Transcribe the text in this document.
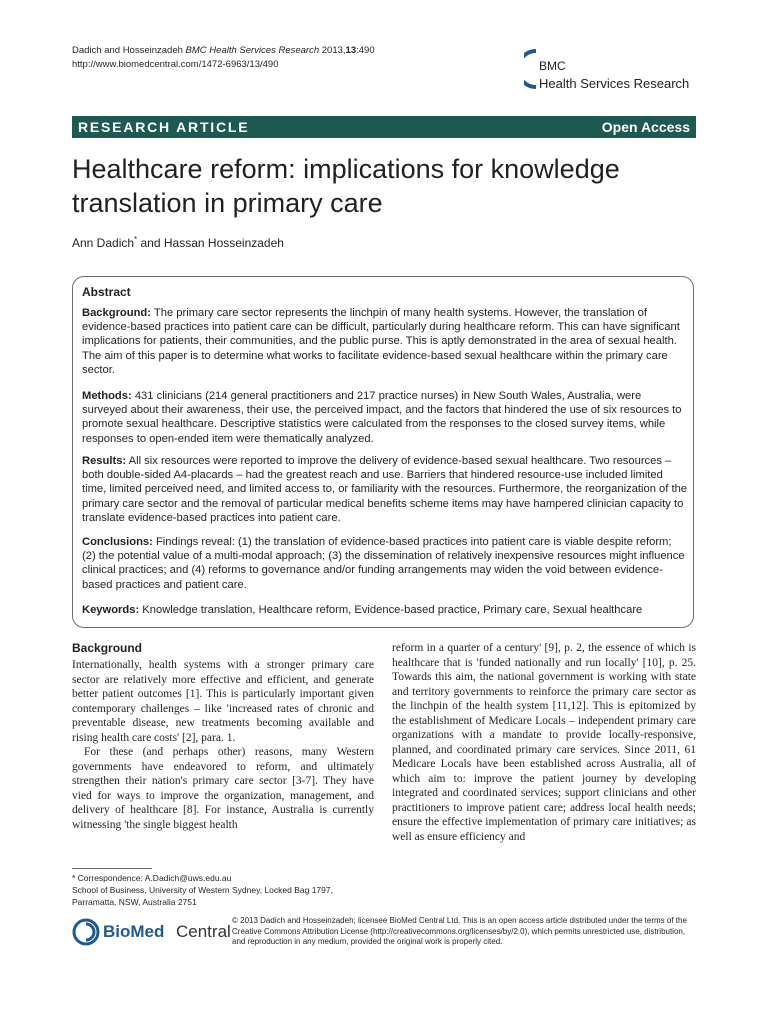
Dadich and Hosseinzadeh BMC Health Services Research 2013,13:490
http://www.biomedcentral.com/1472-6963/13/490	BMC
Health Services Research
RESEARCH ARTICLE	Open Access
Healthcare reform: implications for knowledge translation in primary care
Ann Dadich* and Hassan Hosseinzadeh
Abstract
Background: The primary care sector represents the linchpin of many health systems. However, the translation of evidence-based practices into patient care can be difficult, particularly during healthcare reform. This can have significant implications for patients, their communities, and the public purse. This is aptly demonstrated in the area of sexual health. The aim of this paper is to determine what works to facilitate evidence-based sexual healthcare within the primary care sector.
Methods: 431 clinicians (214 general practitioners and 217 practice nurses) in New South Wales, Australia, were surveyed about their awareness, their use, the perceived impact, and the factors that hindered the use of six resources to promote sexual healthcare. Descriptive statistics were calculated from the responses to the closed survey items, while responses to open-ended item were thematically analyzed.
Results: All six resources were reported to improve the delivery of evidence-based sexual healthcare. Two resources – both double-sided A4-placards – had the greatest reach and use. Barriers that hindered resource-use included limited time, limited perceived need, and limited access to, or familiarity with the resources. Furthermore, the reorganization of the primary care sector and the removal of particular medical benefits scheme items may have hampered clinician capacity to translate evidence-based practices into patient care.
Conclusions: Findings reveal: (1) the translation of evidence-based practices into patient care is viable despite reform; (2) the potential value of a multi-modal approach; (3) the dissemination of relatively inexpensive resources might influence clinical practices; and (4) reforms to governance and/or funding arrangements may widen the void between evidence-based practices and patient care.
Keywords: Knowledge translation, Healthcare reform, Evidence-based practice, Primary care, Sexual healthcare
Background

Internationally, health systems with a stronger primary care sector are relatively more effective and efficient, and generate better patient outcomes [1]. This is particularly important given contemporary challenges – like 'increased rates of chronic and preventable disease, new treatments becoming available and rising health care costs' [2], para. 1.

For these (and perhaps other) reasons, many Western governments have endeavored to reform, and ultimately strengthen their nation's primary care sector [3-7]. They have vied for ways to improve the organization, management, and delivery of healthcare [8]. For instance, Australia is currently witnessing 'the single biggest health

reform in a quarter of a century' [9], p. 2, the essence of which is healthcare that is 'funded nationally and run locally' [10], p. 25. Towards this aim, the national government is working with state and territory governments to reinforce the primary care sector as the linchpin of the health system [11,12]. This is epitomized by the establishment of Medicare Locals – independent primary care organizations with a mandate to provide locally-responsive, planned, and coordinated primary care services. Since 2011, 61 Medicare Locals have been established across Australia, all of which aim to: improve the patient journey by developing integrated and coordinated services; support clinicians and other practitioners to improve patient care; address local health needs; ensure the effective implementation of primary care initiatives; as well as ensure efficiency and

* Correspondence: A.Dadich@uws.edu.au
School of Business, University of Western Sydney, Locked Bag 1797,
Parramatta, NSW, Australia 2751
BioMed Central
© 2013 Dadich and Hosseinzadeh; licensee BioMed Central Ltd. This is an open access article distributed under the terms of the Creative Commons Attribution License (http://creativecommons.org/licenses/by/2.0), which permits unrestricted use, distribution, and reproduction in any medium, provided the original work is properly cited.
